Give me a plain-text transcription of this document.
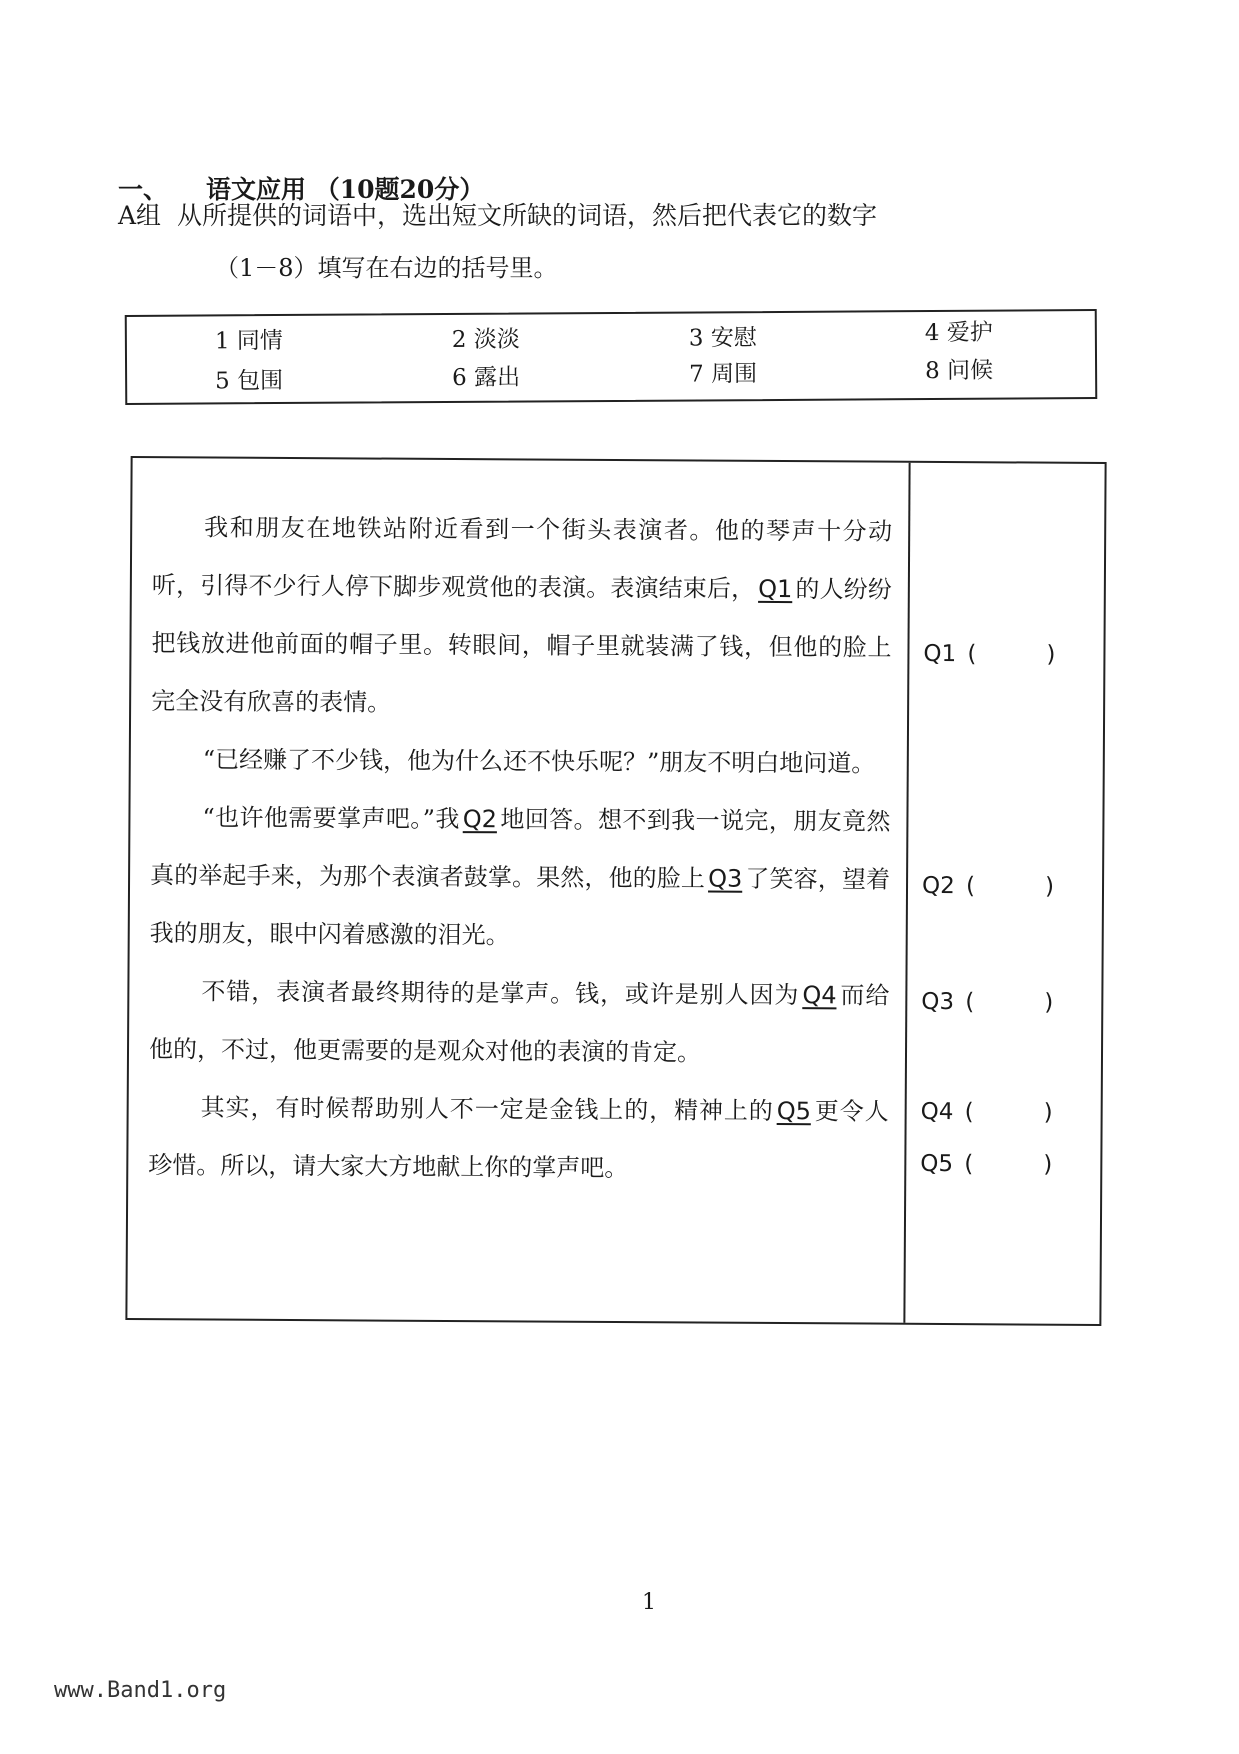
一、 语文应用 （10题20分）
A组 从所提供的词语中，选出短文所缺的词语，然后把代表它的数字
（1－8）填写在右边的括号里。
1 同情	2 淡淡	3 安慰	4 爱护
5 包围	6 露出	7 周围	8 问候

我和朋友在地铁站附近看到一个街头表演者。他的琴声十分动听，引得不少行人停下脚步观赏他的表演。表演结束后， Q1 的人纷纷把钱放进他前面的帽子里。转眼间，帽子里就装满了钱，但他的脸上完全没有欣喜的表情。

“已经赚了不少钱，他为什么还不快乐呢？”朋友不明白地问道。

“也许他需要掌声吧。”我 Q2 地回答。想不到我一说完，朋友竟然真的举起手来，为那个表演者鼓掌。果然，他的脸上 Q3 了笑容，望着我的朋友，眼中闪着感激的泪光。

不错，表演者最终期待的是掌声。钱，或许是别人因为 Q4 而给他的，不过，他更需要的是观众对他的表演的肯定。

其实，有时候帮助别人不一定是金钱上的，精神上的 Q5 更令人珍惜。所以，请大家大方地献上你的掌声吧。

Q1 (	)
Q2 (	)
Q3 (	)
Q4 (	)
Q5 (	)
1
www.Band1.org
